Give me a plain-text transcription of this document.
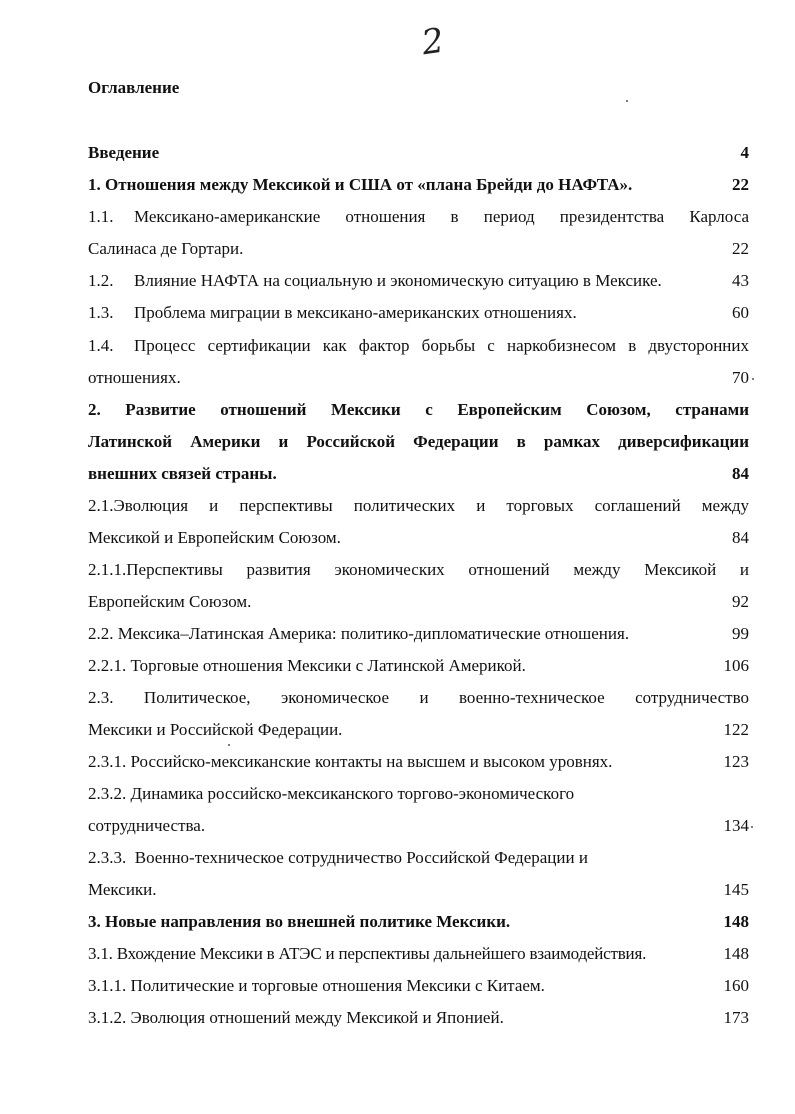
2
Оглавление
Введение	4
1. Отношения между Мексикой и США от «плана Брейди до НАФТА».	22
1.1. Мексикано-американские отношения в период президентства Карлоса
Салинаса де Гортари.	22
1.2. Влияние НАФТА на социальную и экономическую ситуацию в Мексике.	43
1.3. Проблема миграции в мексикано-американских отношениях.	60
1.4. Процесс сертификации как фактор борьбы с наркобизнесом в двусторонних
отношениях.	70
2. Развитие отношений Мексики с Европейским Союзом, странами
Латинской Америки и Российской Федерации в рамках диверсификации
внешних связей страны.	84
2.1.Эволюция и перспективы политических и торговых соглашений между
Мексикой и Европейским Союзом.	84
2.1.1.Перспективы развития экономических отношений между Мексикой и
Европейским Союзом.	92
2.2. Мексика–Латинская Америка: политико-дипломатические отношения.	99
2.2.1. Торговые отношения Мексики с Латинской Америкой.	106
2.3. Политическое, экономическое и военно-техническое сотрудничество
Мексики и Российской Федерации.	122
2.3.1. Российско-мексиканские контакты на высшем и высоком уровнях.	123
2.3.2. Динамика российско-мексиканского торгово-экономического
сотрудничества.	134
2.3.3.  Военно-техническое сотрудничество Российской Федерации и
Мексики.	145
3. Новые направления во внешней политике Мексики.	148
3.1. Вхождение Мексики в АТЭС и перспективы дальнейшего взаимодействия.	148
3.1.1. Политические и торговые отношения Мексики с Китаем.	160
3.1.2. Эволюция отношений между Мексикой и Японией.	173
